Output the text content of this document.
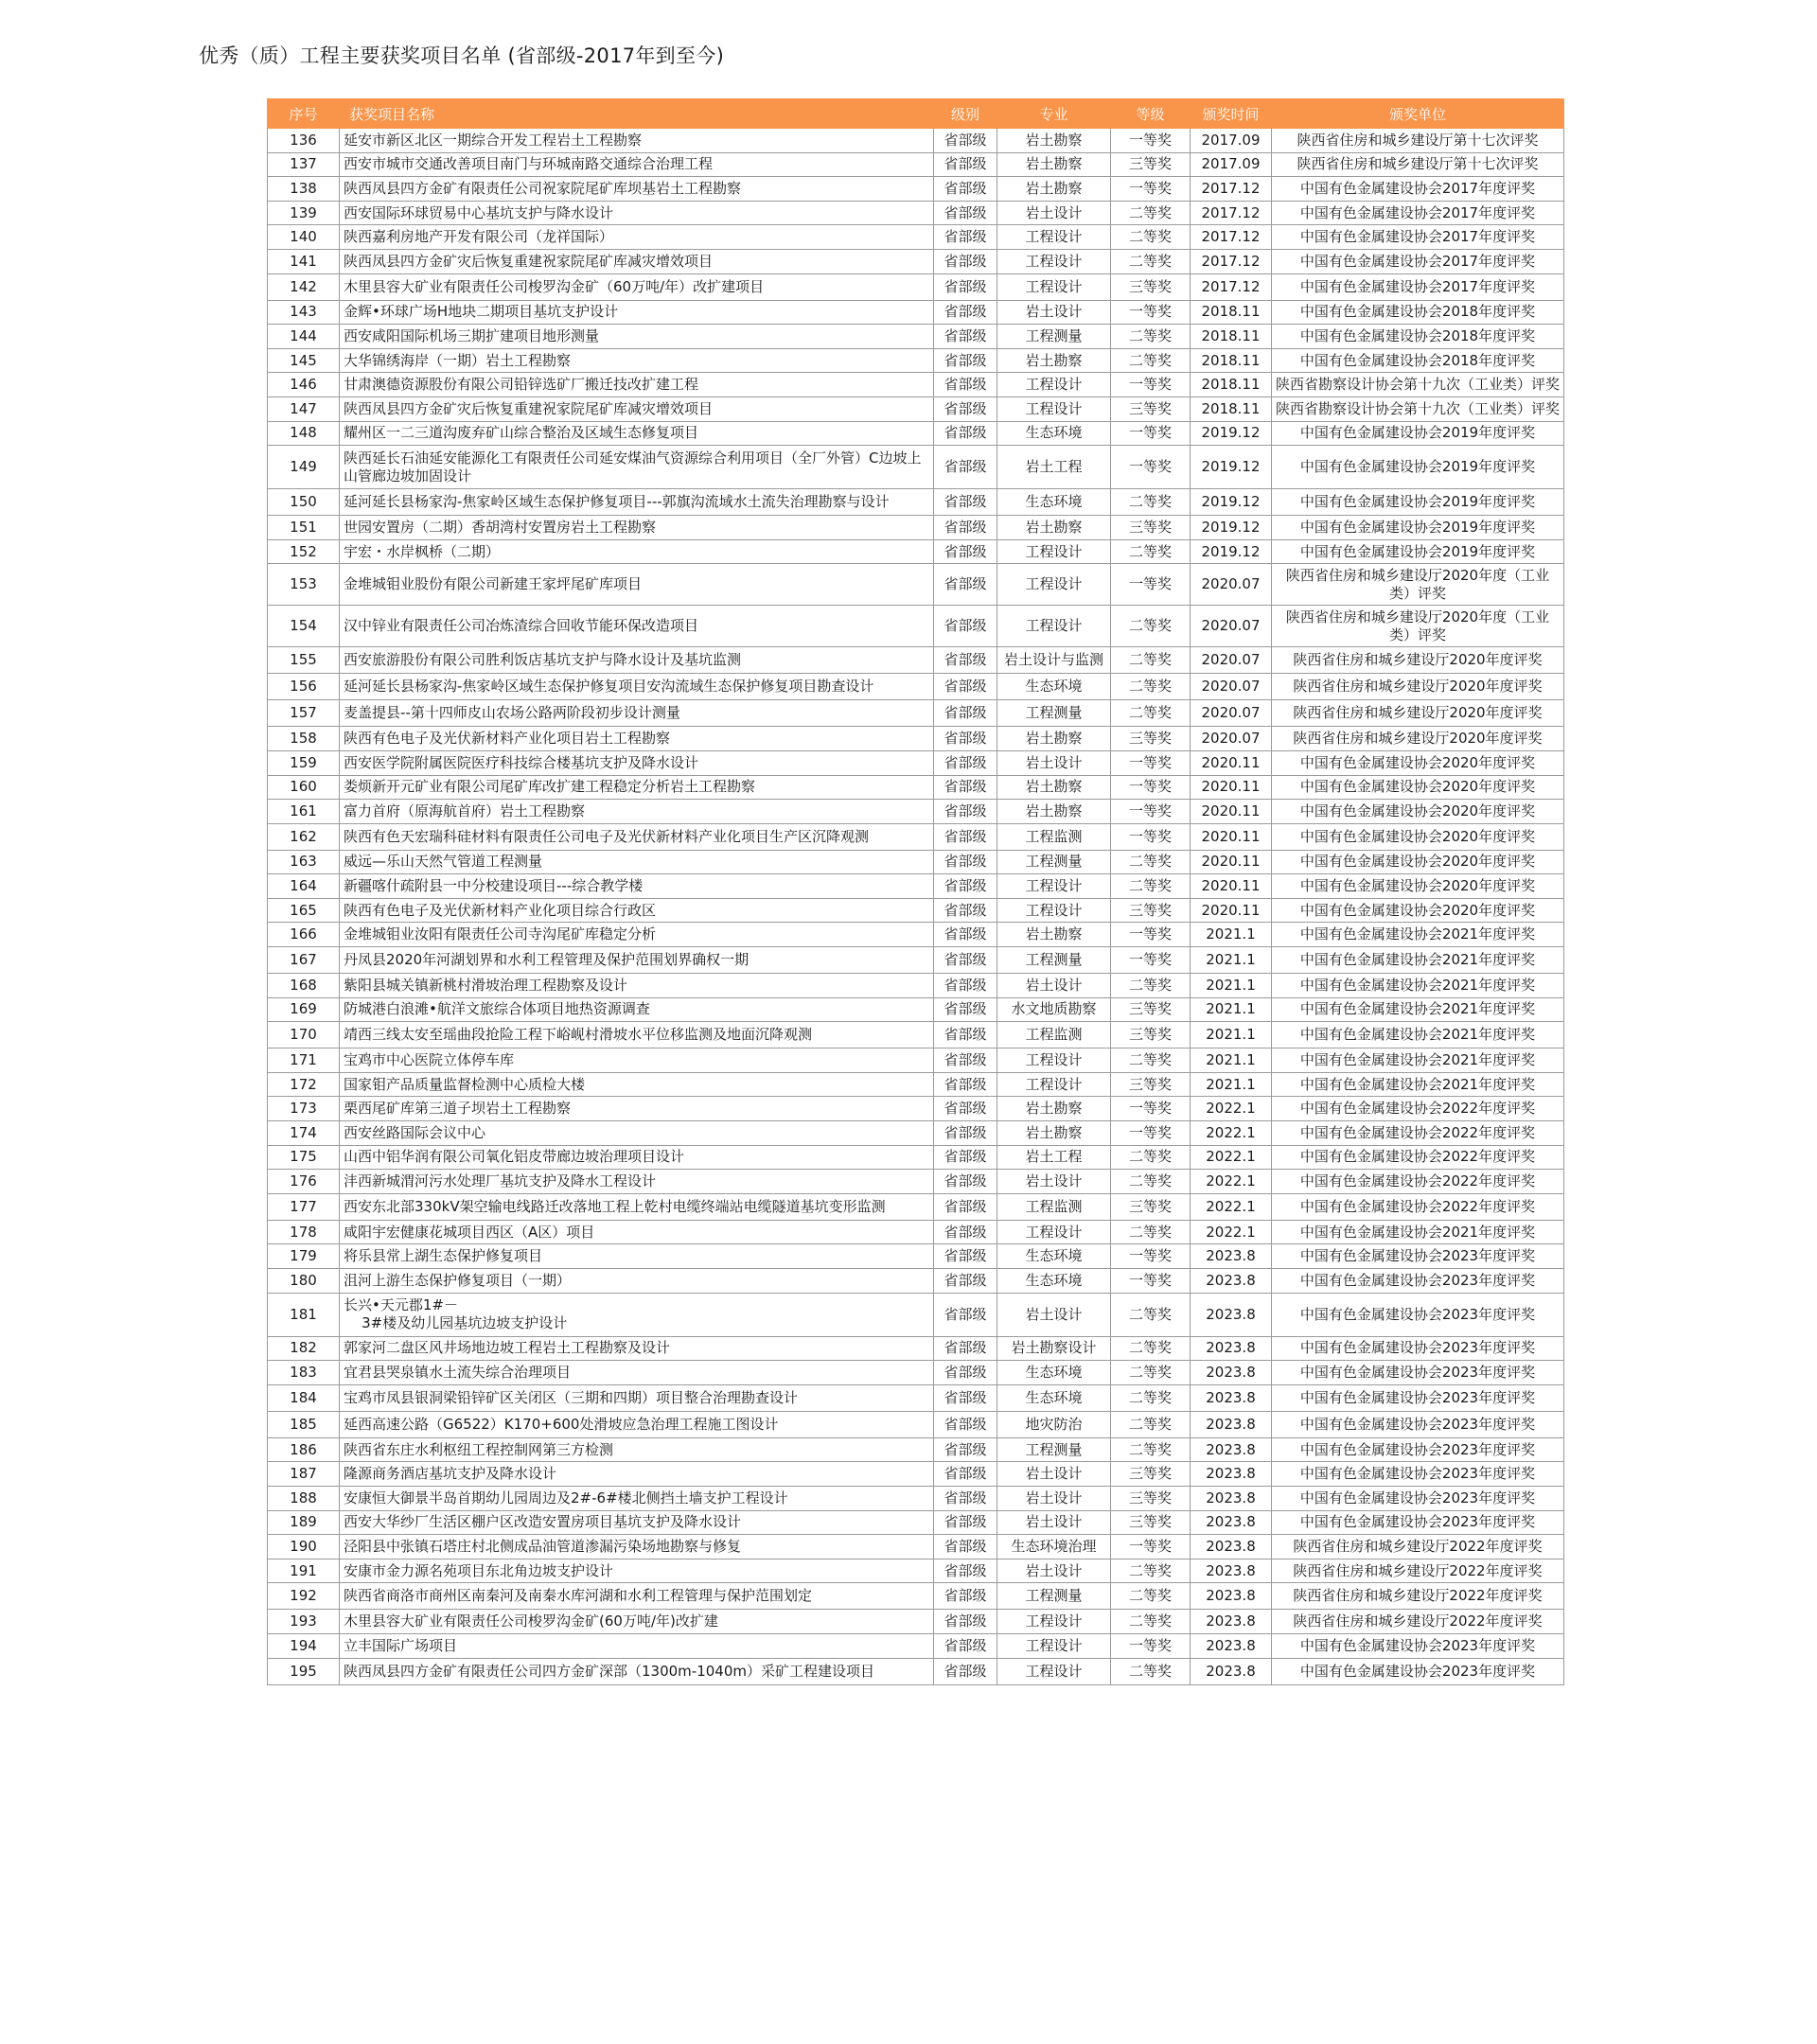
优秀（质）工程主要获奖项目名单 (省部级-2017年到至今)
序号	获奖项目名称	级别	专业	等级	颁奖时间	颁奖单位
136	延安市新区北区一期综合开发工程岩土工程勘察	省部级	岩土勘察	一等奖	2017.09	陕西省住房和城乡建设厅第十七次评奖
137	西安市城市交通改善项目南门与环城南路交通综合治理工程	省部级	岩土勘察	三等奖	2017.09	陕西省住房和城乡建设厅第十七次评奖
138	陕西凤县四方金矿有限责任公司祝家院尾矿库坝基岩土工程勘察	省部级	岩土勘察	一等奖	2017.12	中国有色金属建设协会2017年度评奖
139	西安国际环球贸易中心基坑支护与降水设计	省部级	岩土设计	二等奖	2017.12	中国有色金属建设协会2017年度评奖
140	陕西嘉利房地产开发有限公司（龙祥国际）	省部级	工程设计	二等奖	2017.12	中国有色金属建设协会2017年度评奖
141	陕西凤县四方金矿灾后恢复重建祝家院尾矿库减灾增效项目	省部级	工程设计	二等奖	2017.12	中国有色金属建设协会2017年度评奖
142	木里县容大矿业有限责任公司梭罗沟金矿（60万吨/年）改扩建项目	省部级	工程设计	三等奖	2017.12	中国有色金属建设协会2017年度评奖
143	金辉•环球广场H地块二期项目基坑支护设计	省部级	岩土设计	一等奖	2018.11	中国有色金属建设协会2018年度评奖
144	西安咸阳国际机场三期扩建项目地形测量	省部级	工程测量	二等奖	2018.11	中国有色金属建设协会2018年度评奖
145	大华锦绣海岸（一期）岩土工程勘察	省部级	岩土勘察	二等奖	2018.11	中国有色金属建设协会2018年度评奖
146	甘肃澳德资源股份有限公司铅锌选矿厂搬迁技改扩建工程	省部级	工程设计	一等奖	2018.11	陕西省勘察设计协会第十九次（工业类）评奖
147	陕西凤县四方金矿灾后恢复重建祝家院尾矿库减灾增效项目	省部级	工程设计	三等奖	2018.11	陕西省勘察设计协会第十九次（工业类）评奖
148	耀州区一二三道沟废弃矿山综合整治及区域生态修复项目	省部级	生态环境	一等奖	2019.12	中国有色金属建设协会2019年度评奖
149	陕西延长石油延安能源化工有限责任公司延安煤油气资源综合利用项目（全厂外管）C边坡上山管廊边坡加固设计	省部级	岩土工程	一等奖	2019.12	中国有色金属建设协会2019年度评奖
150	延河延长县杨家沟-焦家岭区域生态保护修复项目---郭旗沟流域水土流失治理勘察与设计	省部级	生态环境	二等奖	2019.12	中国有色金属建设协会2019年度评奖
151	世园安置房（二期）香胡湾村安置房岩土工程勘察	省部级	岩土勘察	三等奖	2019.12	中国有色金属建设协会2019年度评奖
152	宇宏・水岸枫桥（二期）	省部级	工程设计	二等奖	2019.12	中国有色金属建设协会2019年度评奖
153	金堆城钼业股份有限公司新建王家坪尾矿库项目	省部级	工程设计	一等奖	2020.07	陕西省住房和城乡建设厅2020年度（工业类）评奖
154	汉中锌业有限责任公司冶炼渣综合回收节能环保改造项目	省部级	工程设计	二等奖	2020.07	陕西省住房和城乡建设厅2020年度（工业类）评奖
155	西安旅游股份有限公司胜利饭店基坑支护与降水设计及基坑监测	省部级	岩土设计与监测	二等奖	2020.07	陕西省住房和城乡建设厅2020年度评奖
156	延河延长县杨家沟-焦家岭区域生态保护修复项目安沟流域生态保护修复项目勘查设计	省部级	生态环境	二等奖	2020.07	陕西省住房和城乡建设厅2020年度评奖
157	麦盖提县--第十四师皮山农场公路两阶段初步设计测量	省部级	工程测量	二等奖	2020.07	陕西省住房和城乡建设厅2020年度评奖
158	陕西有色电子及光伏新材料产业化项目岩土工程勘察	省部级	岩土勘察	三等奖	2020.07	陕西省住房和城乡建设厅2020年度评奖
159	西安医学院附属医院医疗科技综合楼基坑支护及降水设计	省部级	岩土设计	一等奖	2020.11	中国有色金属建设协会2020年度评奖
160	娄烦新开元矿业有限公司尾矿库改扩建工程稳定分析岩土工程勘察	省部级	岩土勘察	一等奖	2020.11	中国有色金属建设协会2020年度评奖
161	富力首府（原海航首府）岩土工程勘察	省部级	岩土勘察	一等奖	2020.11	中国有色金属建设协会2020年度评奖
162	陕西有色天宏瑞科硅材料有限责任公司电子及光伏新材料产业化项目生产区沉降观测	省部级	工程监测	一等奖	2020.11	中国有色金属建设协会2020年度评奖
163	威远—乐山天然气管道工程测量	省部级	工程测量	二等奖	2020.11	中国有色金属建设协会2020年度评奖
164	新疆喀什疏附县一中分校建设项目---综合教学楼	省部级	工程设计	二等奖	2020.11	中国有色金属建设协会2020年度评奖
165	陕西有色电子及光伏新材料产业化项目综合行政区	省部级	工程设计	三等奖	2020.11	中国有色金属建设协会2020年度评奖
166	金堆城钼业汝阳有限责任公司寺沟尾矿库稳定分析	省部级	岩土勘察	一等奖	2021.1	中国有色金属建设协会2021年度评奖
167	丹凤县2020年河湖划界和水利工程管理及保护范围划界确权一期	省部级	工程测量	一等奖	2021.1	中国有色金属建设协会2021年度评奖
168	紫阳县城关镇新桃村滑坡治理工程勘察及设计	省部级	岩土设计	二等奖	2021.1	中国有色金属建设协会2021年度评奖
169	防城港白浪滩•航洋文旅综合体项目地热资源调查	省部级	水文地质勘察	三等奖	2021.1	中国有色金属建设协会2021年度评奖
170	靖西三线太安至瑶曲段抢险工程下峪岘村滑坡水平位移监测及地面沉降观测	省部级	工程监测	三等奖	2021.1	中国有色金属建设协会2021年度评奖
171	宝鸡市中心医院立体停车库	省部级	工程设计	二等奖	2021.1	中国有色金属建设协会2021年度评奖
172	国家钼产品质量监督检测中心质检大楼	省部级	工程设计	三等奖	2021.1	中国有色金属建设协会2021年度评奖
173	栗西尾矿库第三道子坝岩土工程勘察	省部级	岩土勘察	一等奖	2022.1	中国有色金属建设协会2022年度评奖
174	西安丝路国际会议中心	省部级	岩土勘察	一等奖	2022.1	中国有色金属建设协会2022年度评奖
175	山西中铝华润有限公司氧化铝皮带廊边坡治理项目设计	省部级	岩土工程	二等奖	2022.1	中国有色金属建设协会2022年度评奖
176	沣西新城渭河污水处理厂基坑支护及降水工程设计	省部级	岩土设计	二等奖	2022.1	中国有色金属建设协会2022年度评奖
177	西安东北部330kV架空输电线路迁改落地工程上乾村电缆终端站电缆隧道基坑变形监测	省部级	工程监测	三等奖	2022.1	中国有色金属建设协会2022年度评奖
178	咸阳宇宏健康花城项目西区（A区）项目	省部级	工程设计	二等奖	2022.1	中国有色金属建设协会2021年度评奖
179	将乐县常上湖生态保护修复项目	省部级	生态环境	一等奖	2023.8	中国有色金属建设协会2023年度评奖
180	沮河上游生态保护修复项目（一期）	省部级	生态环境	一等奖	2023.8	中国有色金属建设协会2023年度评奖
181	长兴•天元郡1#－
3#楼及幼儿园基坑边坡支护设计	省部级	岩土设计	二等奖	2023.8	中国有色金属建设协会2023年度评奖
182	郭家河二盘区风井场地边坡工程岩土工程勘察及设计	省部级	岩土勘察设计	二等奖	2023.8	中国有色金属建设协会2023年度评奖
183	宜君县哭泉镇水土流失综合治理项目	省部级	生态环境	二等奖	2023.8	中国有色金属建设协会2023年度评奖
184	宝鸡市凤县银洞梁铅锌矿区关闭区（三期和四期）项目整合治理勘查设计	省部级	生态环境	二等奖	2023.8	中国有色金属建设协会2023年度评奖
185	延西高速公路（G6522）K170+600处滑坡应急治理工程施工图设计	省部级	地灾防治	二等奖	2023.8	中国有色金属建设协会2023年度评奖
186	陕西省东庄水利枢纽工程控制网第三方检测	省部级	工程测量	二等奖	2023.8	中国有色金属建设协会2023年度评奖
187	隆源商务酒店基坑支护及降水设计	省部级	岩土设计	三等奖	2023.8	中国有色金属建设协会2023年度评奖
188	安康恒大御景半岛首期幼儿园周边及2#-6#楼北侧挡土墙支护工程设计	省部级	岩土设计	三等奖	2023.8	中国有色金属建设协会2023年度评奖
189	西安大华纱厂生活区棚户区改造安置房项目基坑支护及降水设计	省部级	岩土设计	三等奖	2023.8	中国有色金属建设协会2023年度评奖
190	泾阳县中张镇石塔庄村北侧成品油管道渗漏污染场地勘察与修复	省部级	生态环境治理	一等奖	2023.8	陕西省住房和城乡建设厅2022年度评奖
191	安康市金力源名苑项目东北角边坡支护设计	省部级	岩土设计	二等奖	2023.8	陕西省住房和城乡建设厅2022年度评奖
192	陕西省商洛市商州区南秦河及南秦水库河湖和水利工程管理与保护范围划定	省部级	工程测量	二等奖	2023.8	陕西省住房和城乡建设厅2022年度评奖
193	木里县容大矿业有限责任公司梭罗沟金矿(60万吨/年)改扩建	省部级	工程设计	二等奖	2023.8	陕西省住房和城乡建设厅2022年度评奖
194	立丰国际广场项目	省部级	工程设计	一等奖	2023.8	中国有色金属建设协会2023年度评奖
195	陕西凤县四方金矿有限责任公司四方金矿深部（1300m-1040m）采矿工程建设项目	省部级	工程设计	二等奖	2023.8	中国有色金属建设协会2023年度评奖
